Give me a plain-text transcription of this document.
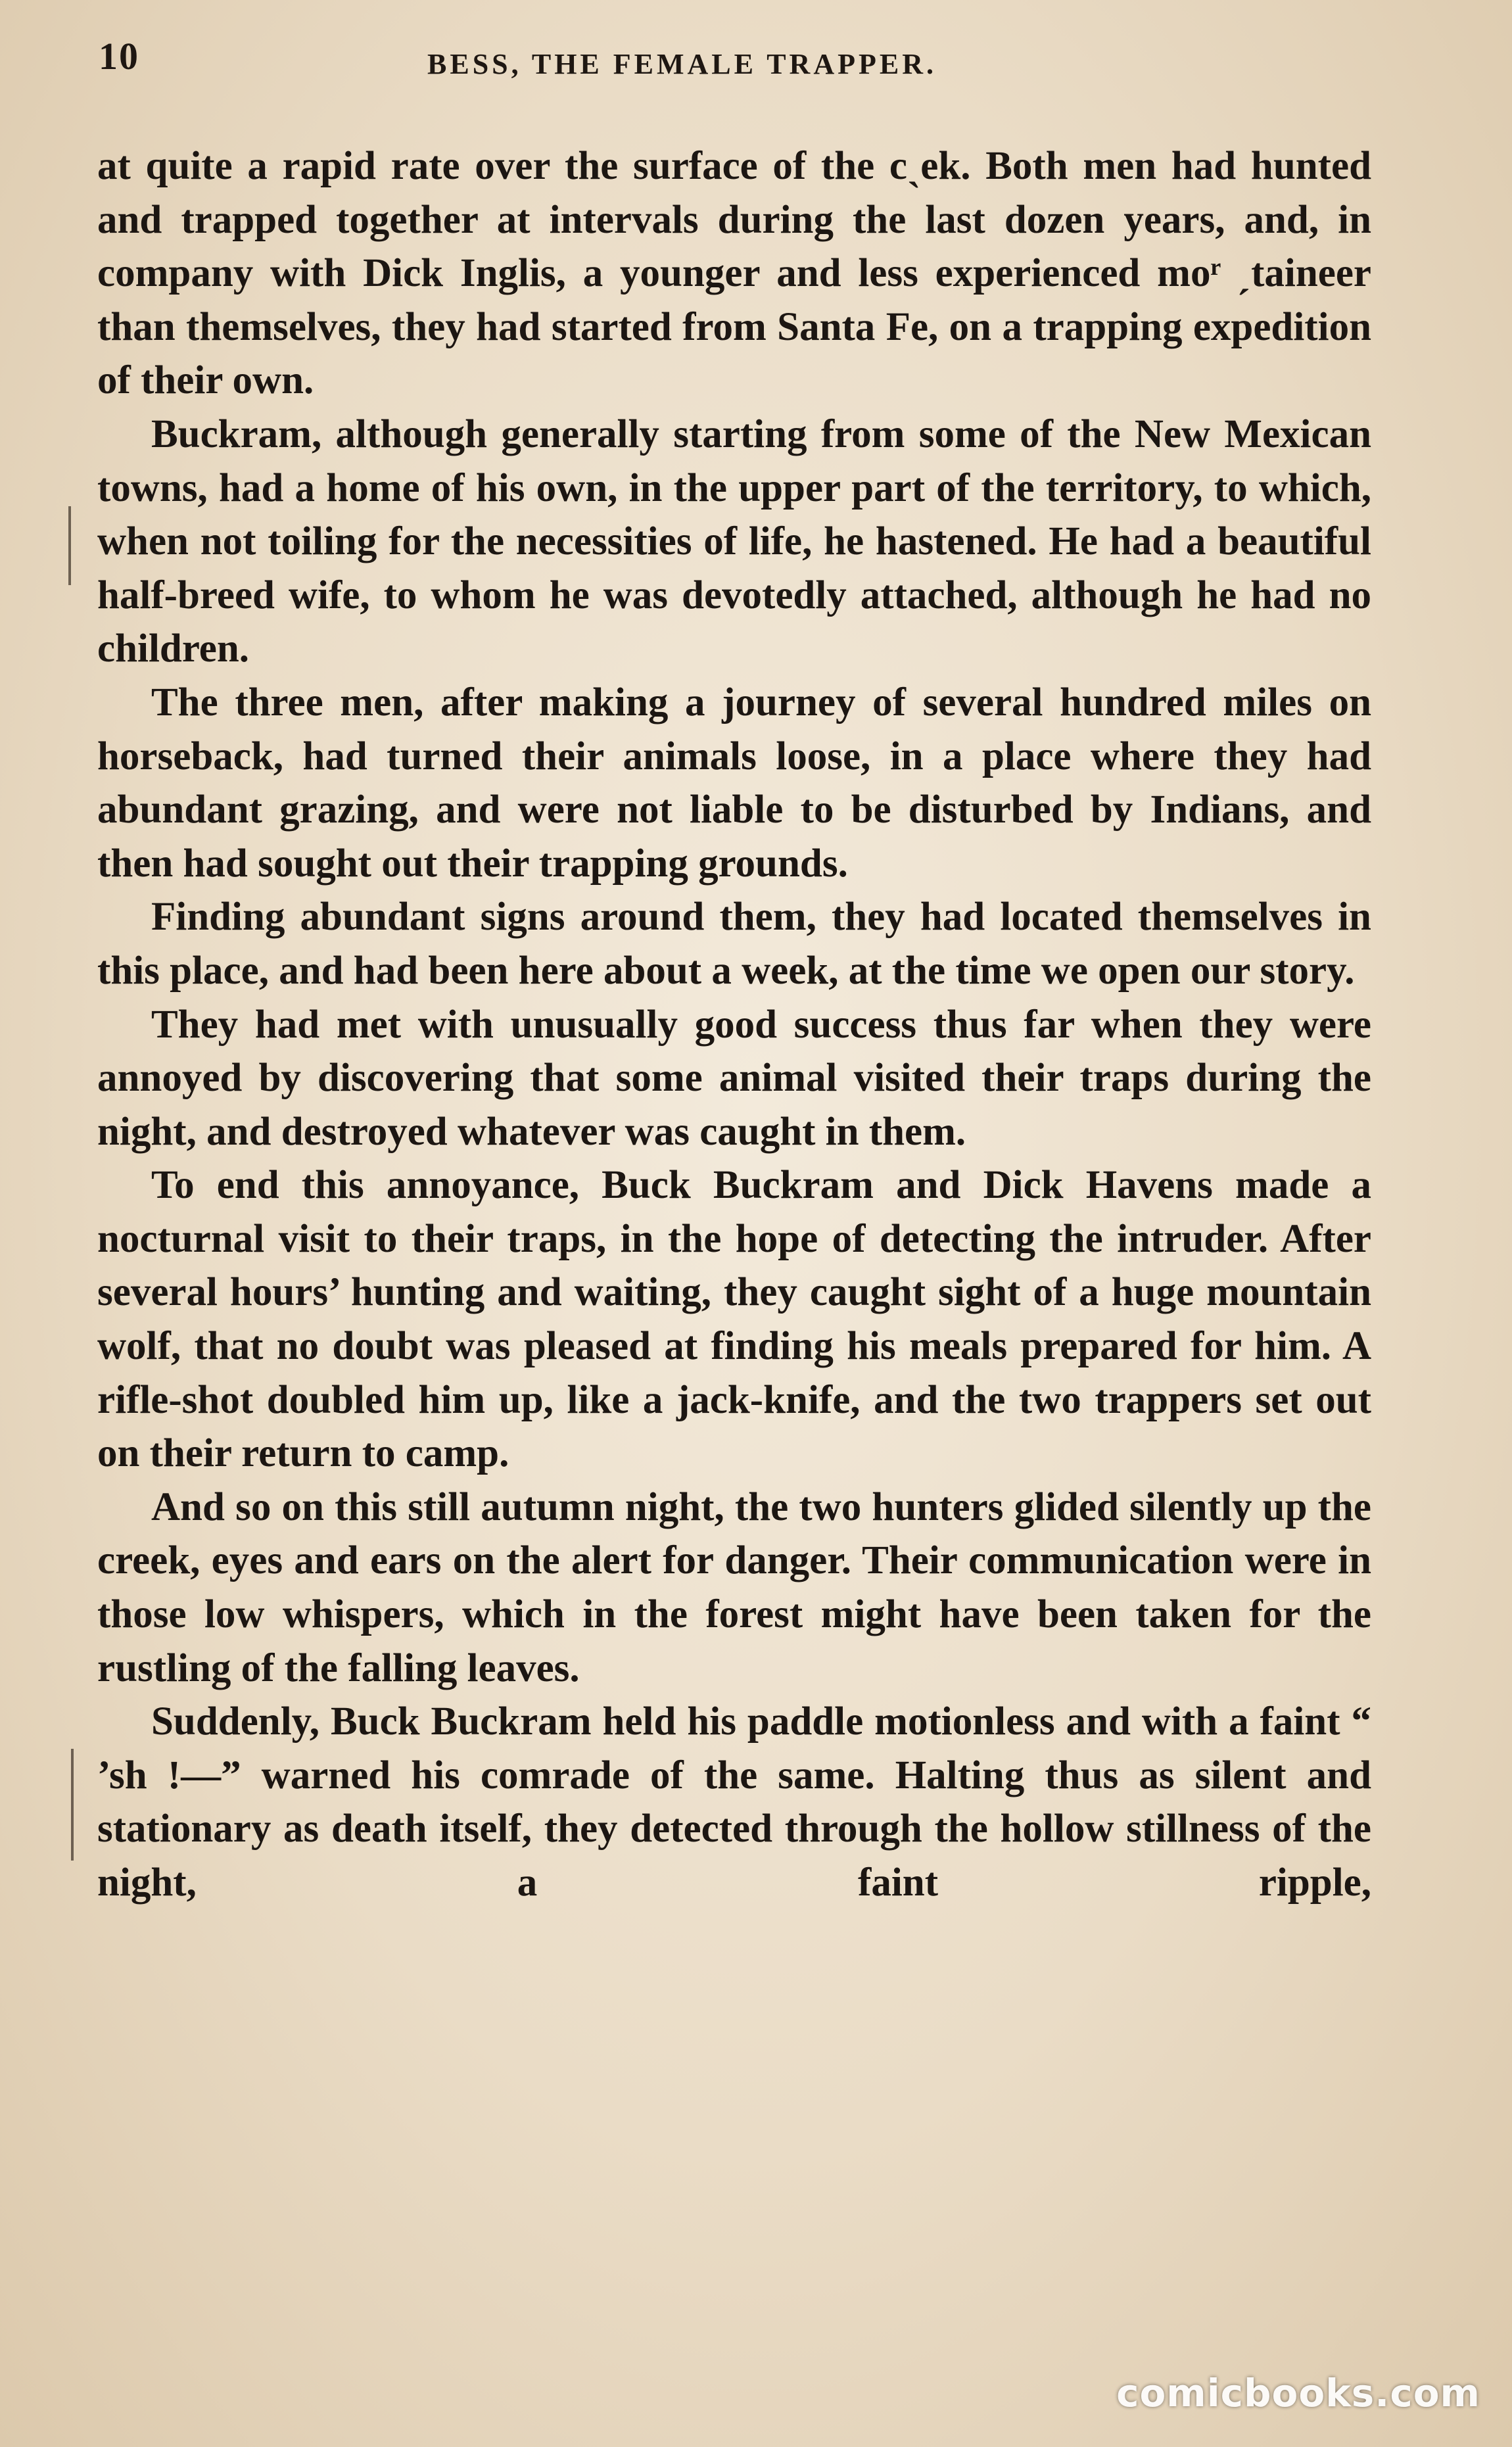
10	BESS, THE FEMALE TRAPPER.

at quite a rapid rate over the surface of the cˎek. Both men had hunted and trapped together at intervals during the last dozen years, and, in company with Dick Inglis, a younger and less experienced moʳ ˏtaineer than themselves, they had started from Santa Fe, on a trapping expedition of their own.

Buckram, although generally starting from some of the New Mexican towns, had a home of his own, in the upper part of the territory, to which, when not toiling for the necessities of life, he hastened. He had a beautiful half-breed wife, to whom he was devotedly attached, although he had no children.

The three men, after making a journey of several hundred miles on horseback, had turned their animals loose, in a place where they had abundant grazing, and were not liable to be disturbed by Indians, and then had sought out their trapping grounds.

Finding abundant signs around them, they had located themselves in this place, and had been here about a week, at the time we open our story.

They had met with unusually good success thus far when they were annoyed by discovering that some animal visited their traps during the night, and destroyed whatever was caught in them.

To end this annoyance, Buck Buckram and Dick Havens made a nocturnal visit to their traps, in the hope of detecting the intruder. After several hours’ hunting and waiting, they caught sight of a huge mountain wolf, that no doubt was pleased at finding his meals prepared for him. A rifle-shot doubled him up, like a jack-knife, and the two trappers set out on their return to camp.

And so on this still autumn night, the two hunters glided silently up the creek, eyes and ears on the alert for danger. Their communication were in those low whispers, which in the forest might have been taken for the rustling of the falling leaves.

Suddenly, Buck Buckram held his paddle motionless and with a faint “ ’sh !—” warned his comrade of the same. Halting thus as silent and stationary as death itself, they detected through the hollow stillness of the night, a faint ripple,

comicbooks.com
